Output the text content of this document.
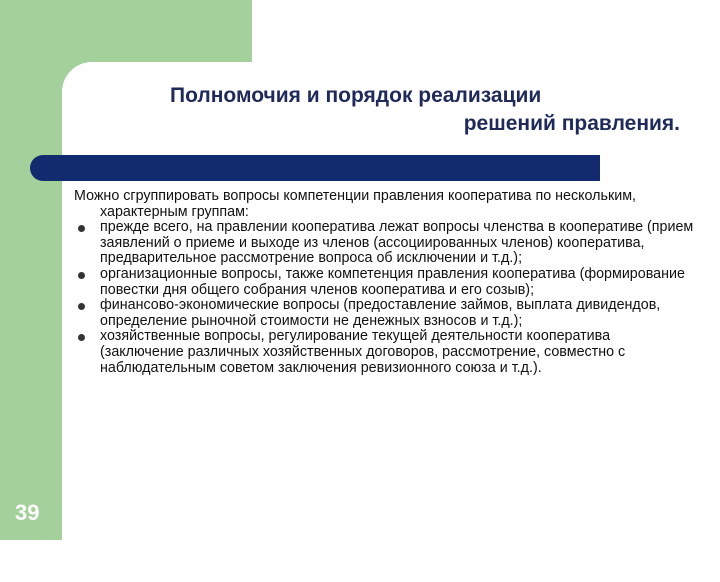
Полномочия и порядок реализации
решений правления.

Можно сгруппировать вопросы компетенции правления кооператива по нескольким, характерным группам:

прежде всего, на правлении кооператива лежат вопросы членства в кооперативе (прием заявлений о приеме и выходе из членов (ассоциированных членов) кооператива, предварительное рассмотрение вопроса об исключении и т.д.);
организационные вопросы, также компетенция правления кооператива (формирование повестки дня общего собрания членов кооператива и его созыв);
финансово-экономические вопросы (предоставление займов, выплата дивидендов, определение рыночной стоимости не денежных взносов и т.д.);
хозяйственные вопросы, регулирование текущей деятельности кооператива (заключение различных хозяйственных договоров, рассмотрение, совместно с наблюдательным советом заключения ревизионного союза и т.д.).
39
